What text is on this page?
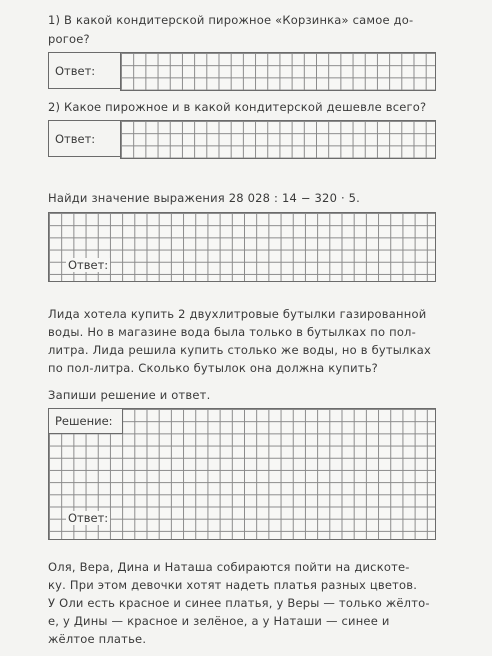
1) В какой кондитерской пирожное «Корзинка» самое до-
рогое?
Ответ:
2) Какое пирожное и в какой кондитерской дешевле всего?
Ответ:
Найди значение выражения 28 028 : 14 − 320 · 5.
Ответ:
Лида хотела купить 2 двухлитровые бутылки газированной
воды. Но в магазине вода была только в бутылках по пол-
литра. Лида решила купить столько же воды, но в бутылках
по пол-литра. Сколько бутылок она должна купить?
Запиши решение и ответ.
Решение:
Ответ:
Оля, Вера, Дина и Наташа собираются пойти на дискоте-
ку. При этом девочки хотят надеть платья разных цветов.
У Оли есть красное и синее платья, у Веры — только жёлто-
е, у Дины — красное и зелёное, а у Наташи — синее и
жёлтое платье.
